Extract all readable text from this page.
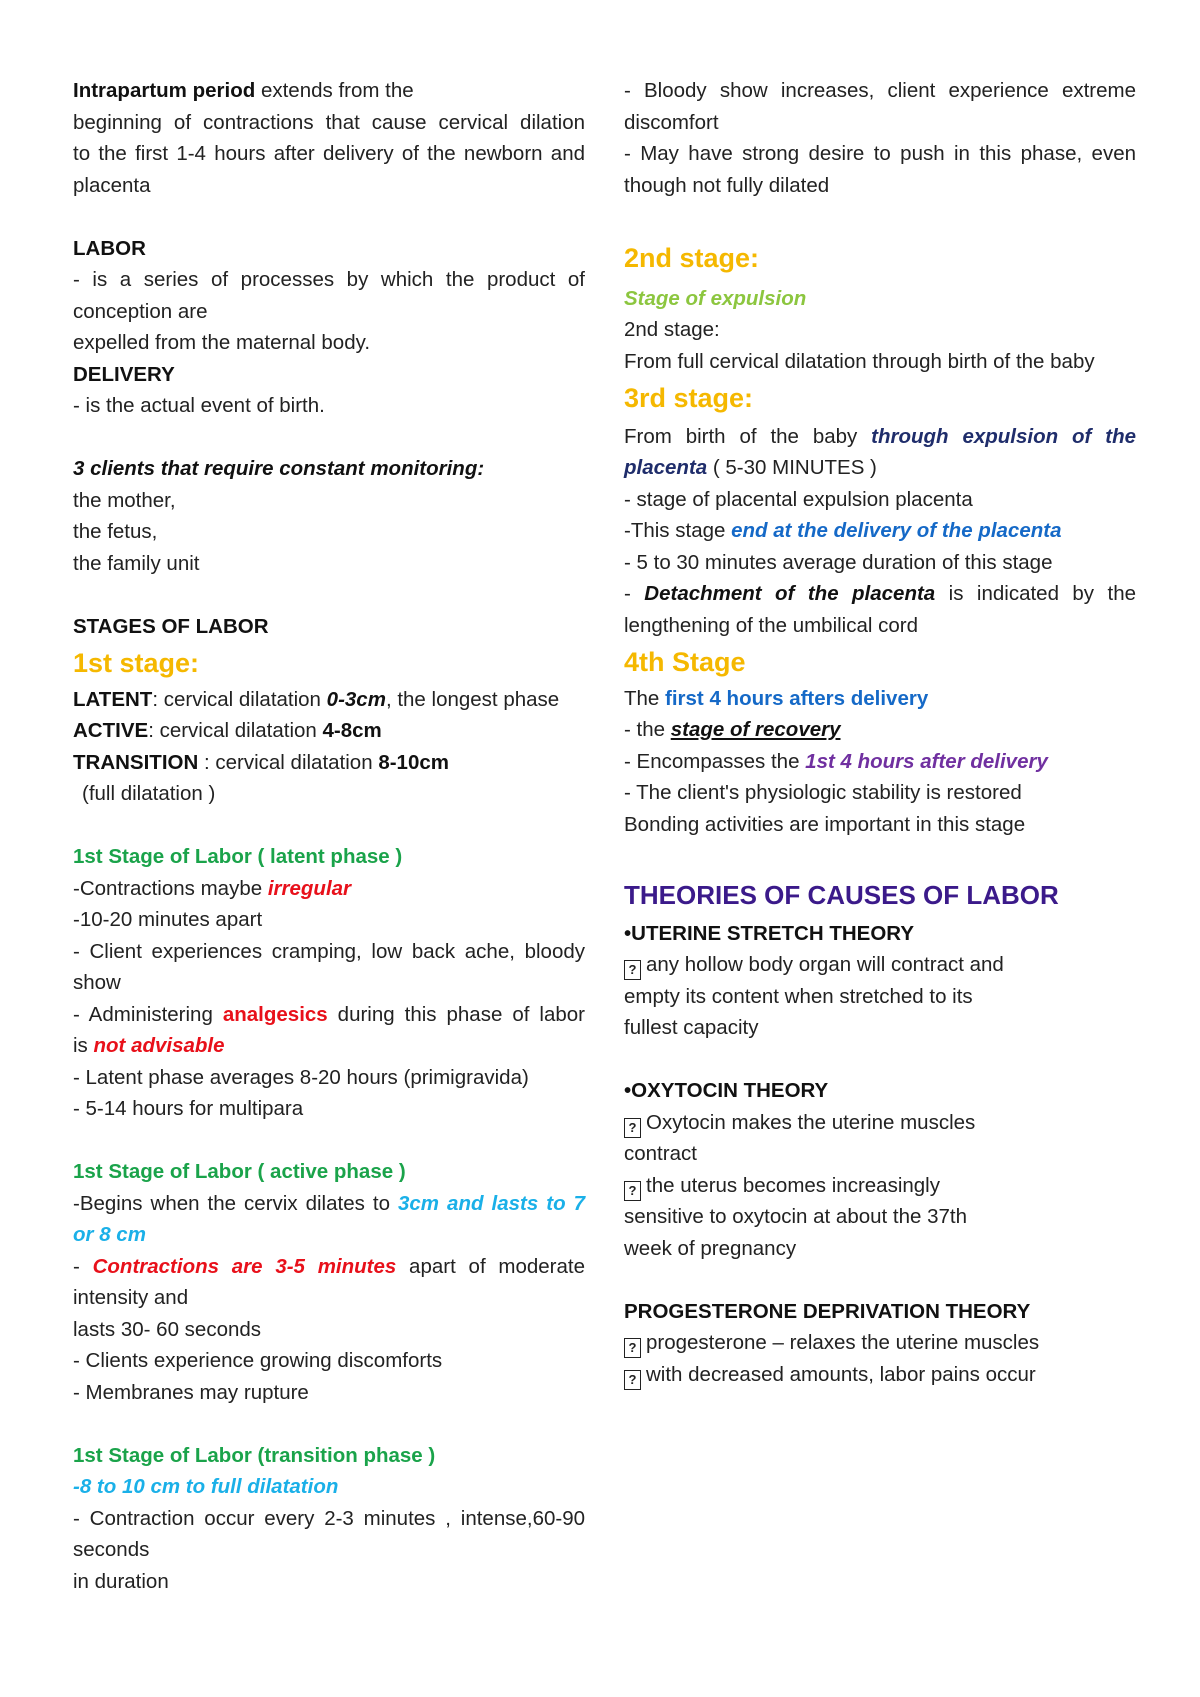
Intrapartum period extends from the
beginning of contractions that cause cervical dilation
to the first 1-4 hours after delivery of the newborn and
placenta
LABOR
- is a series of processes by which the product of
conception are
expelled from the maternal body.
DELIVERY
- is the actual event of birth.
3 clients that require constant monitoring:
the mother,
the fetus,
the family unit
STAGES OF LABOR
1st stage:
LATENT: cervical dilatation 0-3cm, the longest phase
ACTIVE: cervical dilatation 4-8cm
TRANSITION : cervical dilatation 8-10cm
(full dilatation )
1st Stage of Labor ( latent phase )
-Contractions maybe irregular
-10-20 minutes apart
- Client experiences cramping, low back ache, bloody
show
- Administering analgesics during this phase of labor
is not advisable
- Latent phase averages 8-20 hours (primigravida)
- 5-14 hours for multipara
1st Stage of Labor ( active phase )
-Begins when the cervix dilates to 3cm and lasts to 7
or 8 cm
- Contractions are 3-5 minutes apart of moderate
intensity and
lasts 30- 60 seconds
- Clients experience growing discomforts
- Membranes may rupture
1st Stage of Labor (transition phase )
-8 to 10 cm to full dilatation
- Contraction occur every 2-3 minutes , intense,60-90
seconds
in duration
- Bloody show increases, client experience extreme
discomfort
- May have strong desire to push in this phase, even
though not fully dilated
2nd stage:
Stage of expulsion
2nd stage:
From full cervical dilatation through birth of the baby
3rd stage:
From birth of the baby through expulsion of the
placenta ( 5-30 MINUTES )
- stage of placental expulsion placenta
-This stage end at the delivery of the placenta
- 5 to 30 minutes average duration of this stage
- Detachment of the placenta is indicated by the
lengthening of the umbilical cord
4th Stage
The first 4 hours afters delivery
- the stage of recovery
- Encompasses the 1st 4 hours after delivery
- The client's physiologic stability is restored
Bonding activities are important in this stage
THEORIES OF CAUSES OF LABOR
•UTERINE STRETCH THEORY
? any hollow body organ will contract and
empty its content when stretched to its
fullest capacity
•OXYTOCIN THEORY
? Oxytocin makes the uterine muscles
contract
? the uterus becomes increasingly
sensitive to oxytocin at about the 37th
week of pregnancy
PROGESTERONE DEPRIVATION THEORY
? progesterone – relaxes the uterine muscles
? with decreased amounts, labor pains occur
